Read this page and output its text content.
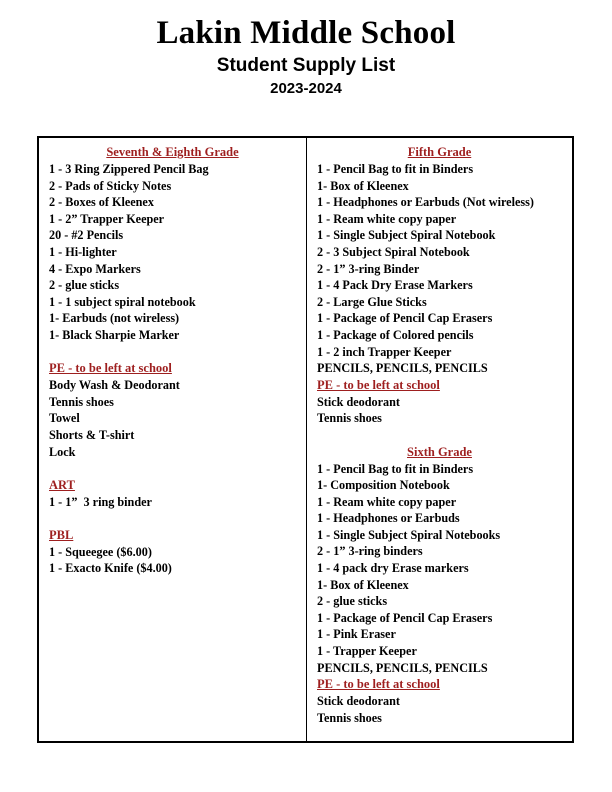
Lakin Middle School
Student Supply List
2023-2024
Seventh & Eighth Grade
1 - 3 Ring Zippered Pencil Bag
2 - Pads of Sticky Notes
2 - Boxes of Kleenex
1 - 2” Trapper Keeper
20 - #2 Pencils
1 - Hi-lighter
4 - Expo Markers
2 - glue sticks
1 - 1 subject spiral notebook
1- Earbuds (not wireless)
1- Black Sharpie Marker
PE - to be left at school
Body Wash & Deodorant
Tennis shoes
Towel
Shorts & T-shirt
Lock
ART
1 - 1”  3 ring binder
PBL
1 - Squeegee ($6.00)
1 - Exacto Knife ($4.00)
Fifth Grade
1 - Pencil Bag to fit in Binders
1- Box of Kleenex
1 - Headphones or Earbuds (Not wireless)
1 - Ream white copy paper
1 - Single Subject Spiral Notebook
2 - 3 Subject Spiral Notebook
2 - 1” 3-ring Binder
1 - 4 Pack Dry Erase Markers
2 - Large Glue Sticks
1 - Package of Pencil Cap Erasers
1 - Package of Colored pencils
1 - 2 inch Trapper Keeper
PENCILS, PENCILS, PENCILS
PE - to be left at school
Stick deodorant
Tennis shoes
Sixth Grade
1 - Pencil Bag to fit in Binders
1- Composition Notebook
1 - Ream white copy paper
1 - Headphones or Earbuds
1 - Single Subject Spiral Notebooks
2 - 1” 3-ring binders
1 - 4 pack dry Erase markers
1- Box of Kleenex
2 - glue sticks
1 - Package of Pencil Cap Erasers
1 - Pink Eraser
1 - Trapper Keeper
PENCILS, PENCILS, PENCILS
PE - to be left at school
Stick deodorant
Tennis shoes
